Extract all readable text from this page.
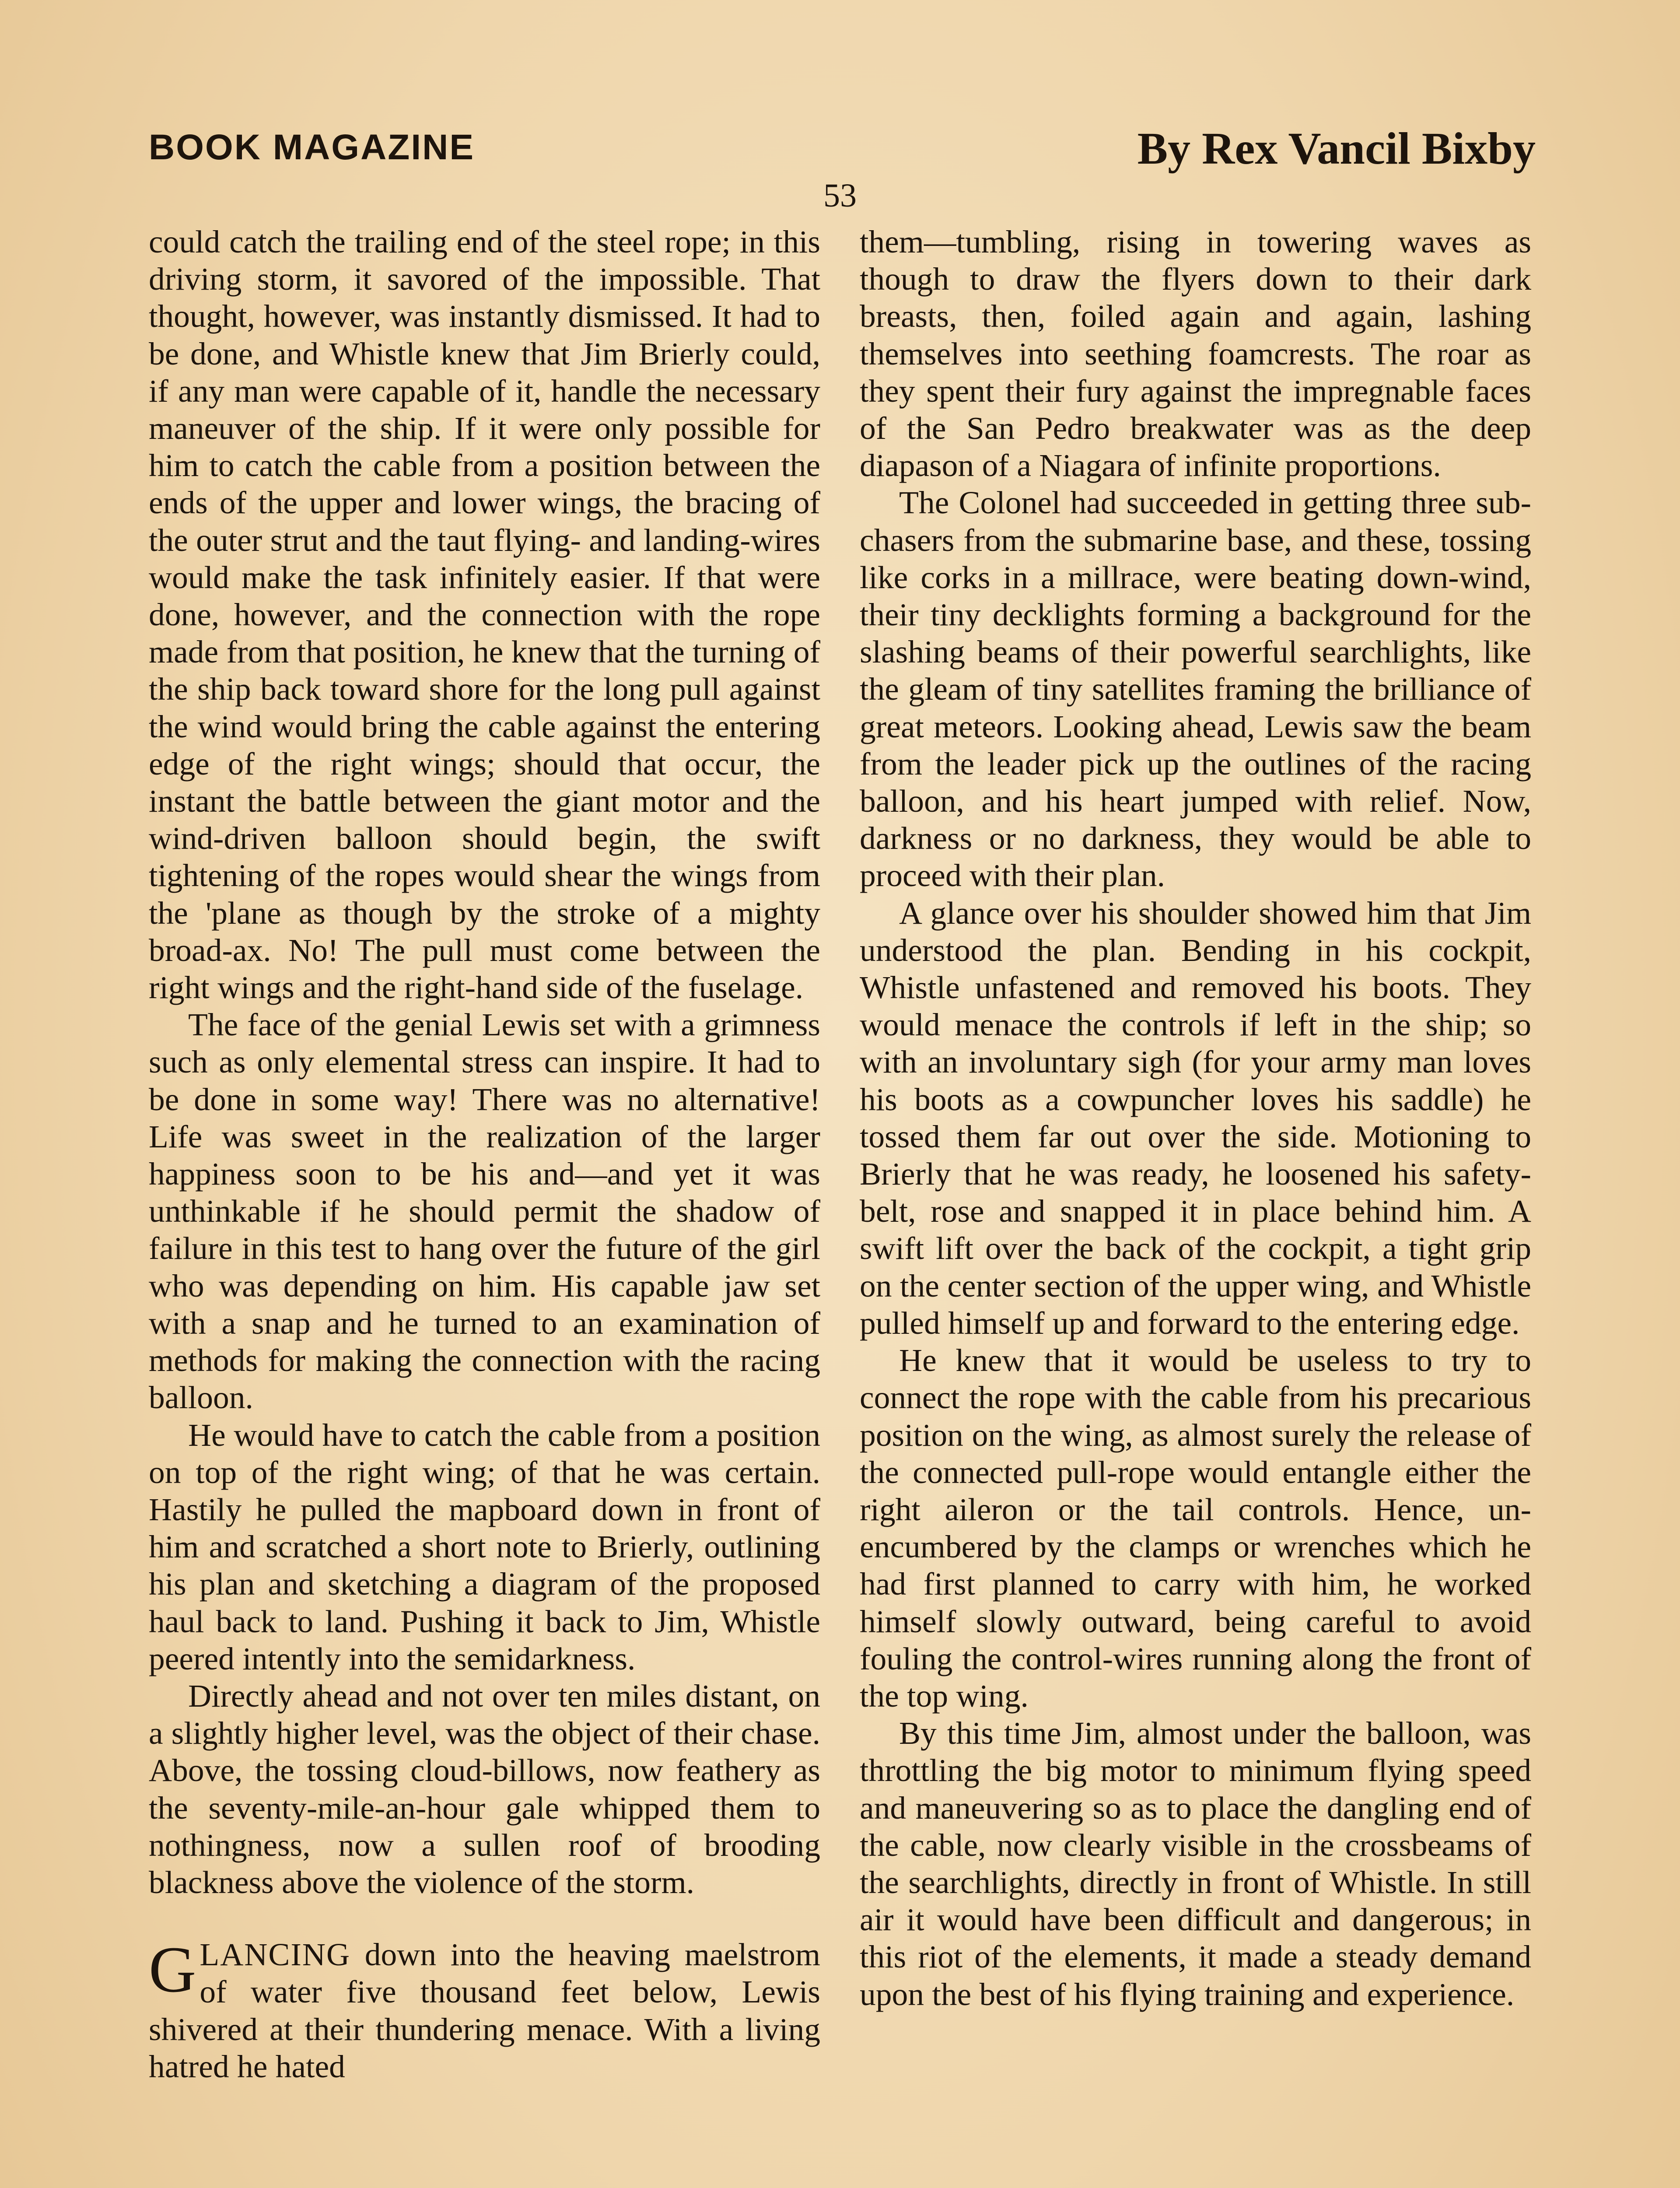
BOOK MAGAZINE	By Rex Vancil Bixby
53

could catch the trailing end of the steel rope; in this driving storm, it savored of the impossible. That thought, however, was instantly dismissed. It had to be done, and Whistle knew that Jim Brierly could, if any man were capable of it, handle the necessary maneuver of the ship. If it were only possible for him to catch the cable from a position between the ends of the upper and lower wings, the bracing of the outer strut and the taut flying- and landing-wires would make the task infinitely easier. If that were done, however, and the connection with the rope made from that position, he knew that the turning of the ship back toward shore for the long pull against the wind would bring the cable against the entering edge of the right wings; should that occur, the instant the battle between the giant motor and the wind-driven balloon should begin, the swift tightening of the ropes would shear the wings from the 'plane as though by the stroke of a mighty broad-ax. No! The pull must come between the right wings and the right-hand side of the fuselage.

The face of the genial Lewis set with a grimness such as only elemental stress can inspire. It had to be done in some way! There was no alternative! Life was sweet in the realization of the larger happiness soon to be his and—and yet it was unthinkable if he should permit the shadow of failure in this test to hang over the future of the girl who was depending on him. His capable jaw set with a snap and he turned to an examination of methods for making the connection with the racing balloon.

He would have to catch the cable from a position on top of the right wing; of that he was certain. Hastily he pulled the mapboard down in front of him and scratched a short note to Brierly, outlining his plan and sketching a diagram of the proposed haul back to land. Pushing it back to Jim, Whistle peered intently into the semidarkness.

Directly ahead and not over ten miles distant, on a slightly higher level, was the object of their chase. Above, the tossing cloud-billows, now feathery as the seventy-mile-an-hour gale whipped them to nothingness, now a sullen roof of brooding blackness above the violence of the storm.

GLANCING down into the heaving maelstrom of water five thousand feet below, Lewis shivered at their thundering menace. With a living hatred he hated

them—tumbling, rising in towering waves as though to draw the flyers down to their dark breasts, then, foiled again and again, lashing themselves into seething foamcrests. The roar as they spent their fury against the impregnable faces of the San Pedro breakwater was as the deep diapason of a Niagara of infinite proportions.

The Colonel had succeeded in getting three sub-chasers from the submarine base, and these, tossing like corks in a millrace, were beating down-wind, their tiny decklights forming a background for the slashing beams of their powerful searchlights, like the gleam of tiny satellites framing the brilliance of great meteors. Looking ahead, Lewis saw the beam from the leader pick up the outlines of the racing balloon, and his heart jumped with relief. Now, darkness or no darkness, they would be able to proceed with their plan.

A glance over his shoulder showed him that Jim understood the plan. Bending in his cockpit, Whistle unfastened and removed his boots. They would menace the controls if left in the ship; so with an involuntary sigh (for your army man loves his boots as a cowpuncher loves his saddle) he tossed them far out over the side. Motioning to Brierly that he was ready, he loosened his safety-belt, rose and snapped it in place behind him. A swift lift over the back of the cockpit, a tight grip on the center section of the upper wing, and Whistle pulled himself up and forward to the entering edge.

He knew that it would be useless to try to connect the rope with the cable from his precarious position on the wing, as almost surely the release of the connected pull-rope would entangle either the right aileron or the tail controls. Hence, unencumbered by the clamps or wrenches which he had first planned to carry with him, he worked himself slowly outward, being careful to avoid fouling the control-wires running along the front of the top wing.

By this time Jim, almost under the balloon, was throttling the big motor to minimum flying speed and maneuvering so as to place the dangling end of the cable, now clearly visible in the crossbeams of the searchlights, directly in front of Whistle. In still air it would have been difficult and dangerous; in this riot of the elements, it made a steady demand upon the best of his flying training and experience.
